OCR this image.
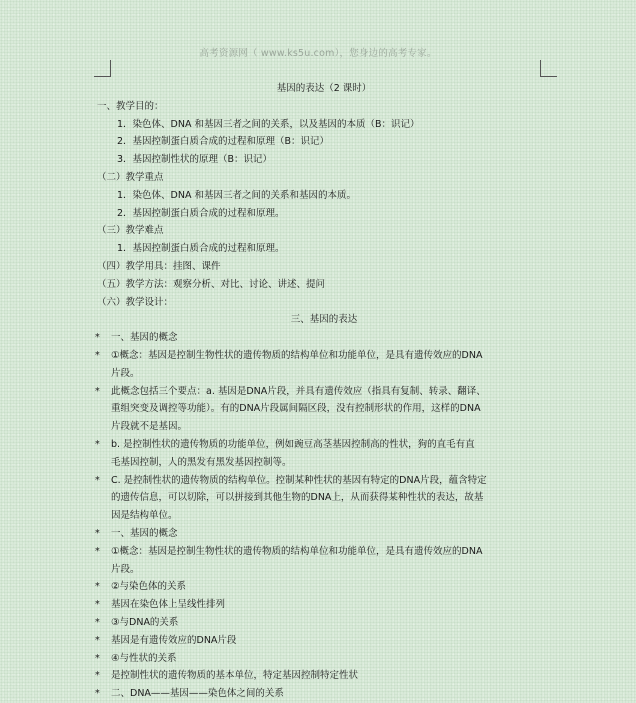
高考资源网（ www.ks5u.com），您身边的高考专家。
基因的表达（2 课时）
一、教学目的：
1．染色体、DNA 和基因三者之间的关系，以及基因的本质（B：识记）
2．基因控制蛋白质合成的过程和原理（B：识记）
3．基因控制性状的原理（B：识记）
（二）教学重点
1．染色体、DNA 和基因三者之间的关系和基因的本质。
2．基因控制蛋白质合成的过程和原理。
（三）教学难点
1．基因控制蛋白质合成的过程和原理。
（四）教学用具：挂图、课件
（五）教学方法：观察分析、对比、讨论、讲述、提问
（六）教学设计：
三、基因的表达
* 一、基因的概念
* ①概念：基因是控制生物性状的遗传物质的结构单位和功能单位，是具有遗传效应的DNA
片段。
* 此概念包括三个要点：a. 基因是DNA片段，并具有遗传效应（指具有复制、转录、翻译、
重组突变及调控等功能）。有的DNA片段属间隔区段，没有控制形状的作用，这样的DNA
片段就不是基因。
* b. 是控制性状的遗传物质的功能单位，例如豌豆高茎基因控制高的性状，狗的直毛有直
毛基因控制，人的黑发有黑发基因控制等。
* C. 是控制性状的遗传物质的结构单位。控制某种性状的基因有特定的DNA片段，蕴含特定
的遗传信息，可以切除，可以拼接到其他生物的DNA上，从而获得某种性状的表达，故基
因是结构单位。
* 一、基因的概念
* ①概念：基因是控制生物性状的遗传物质的结构单位和功能单位，是具有遗传效应的DNA
片段。
* ②与染色体的关系
* 基因在染色体上呈线性排列
* ③与DNA的关系
* 基因是有遗传效应的DNA片段
* ④与性状的关系
* 是控制性状的遗传物质的基本单位，特定基因控制特定性状
* 二、DNA——基因——染色体之间的关系
